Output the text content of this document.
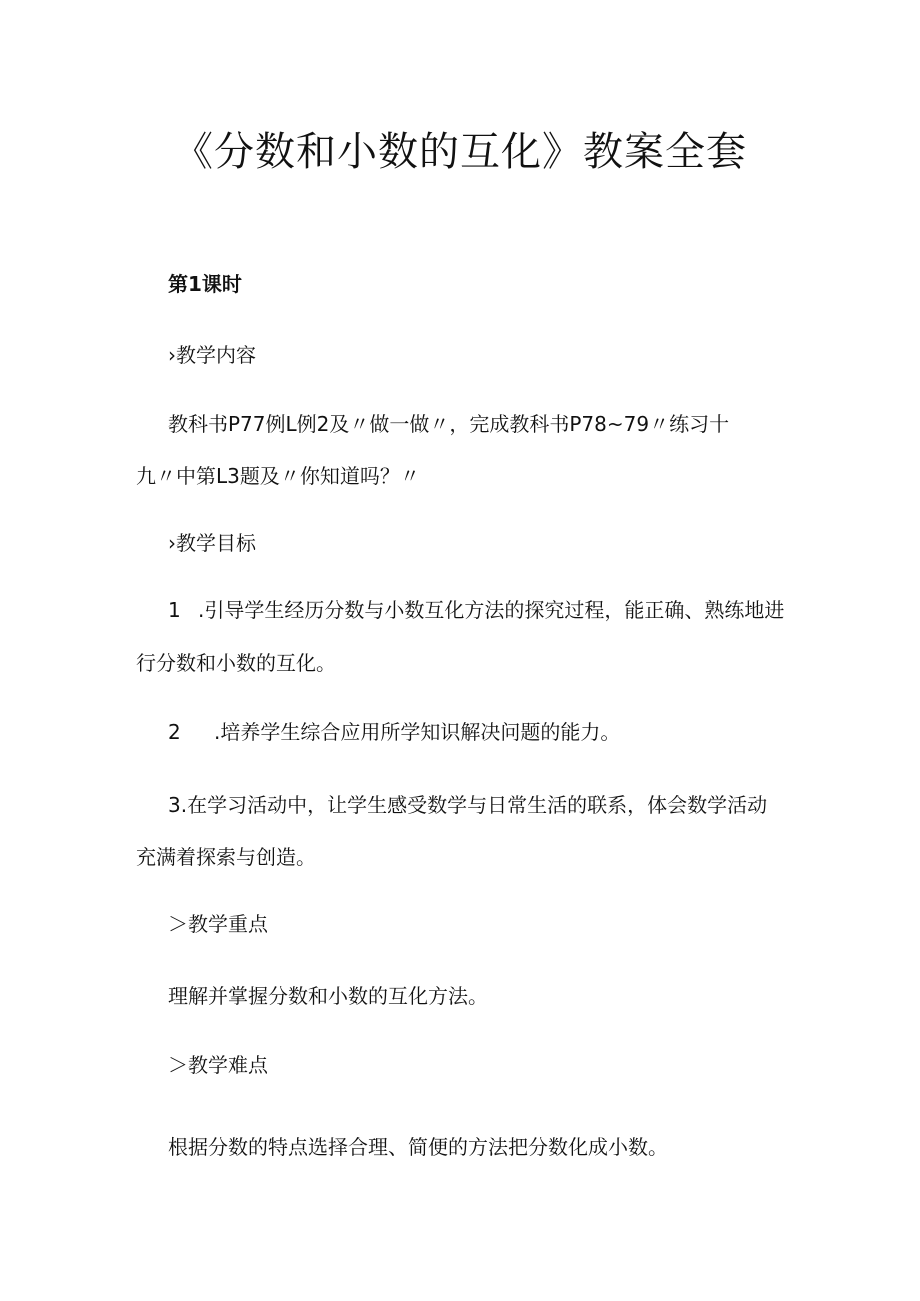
《分数和小数的互化》教案全套
第1课时
›教学内容
教科书P77例L例2及〃做一做〃，完成教科书P78~79〃练习十
九〃中第L3题及〃你知道吗？〃
›教学目标
1 .引导学生经历分数与小数互化方法的探究过程，能正确、熟练地进
行分数和小数的互化。
2 .培养学生综合应用所学知识解决问题的能力。
3.在学习活动中，让学生感受数学与日常生活的联系，体会数学活动
充满着探索与创造。
＞教学重点
理解并掌握分数和小数的互化方法。
＞教学难点
根据分数的特点选择合理、简便的方法把分数化成小数。
